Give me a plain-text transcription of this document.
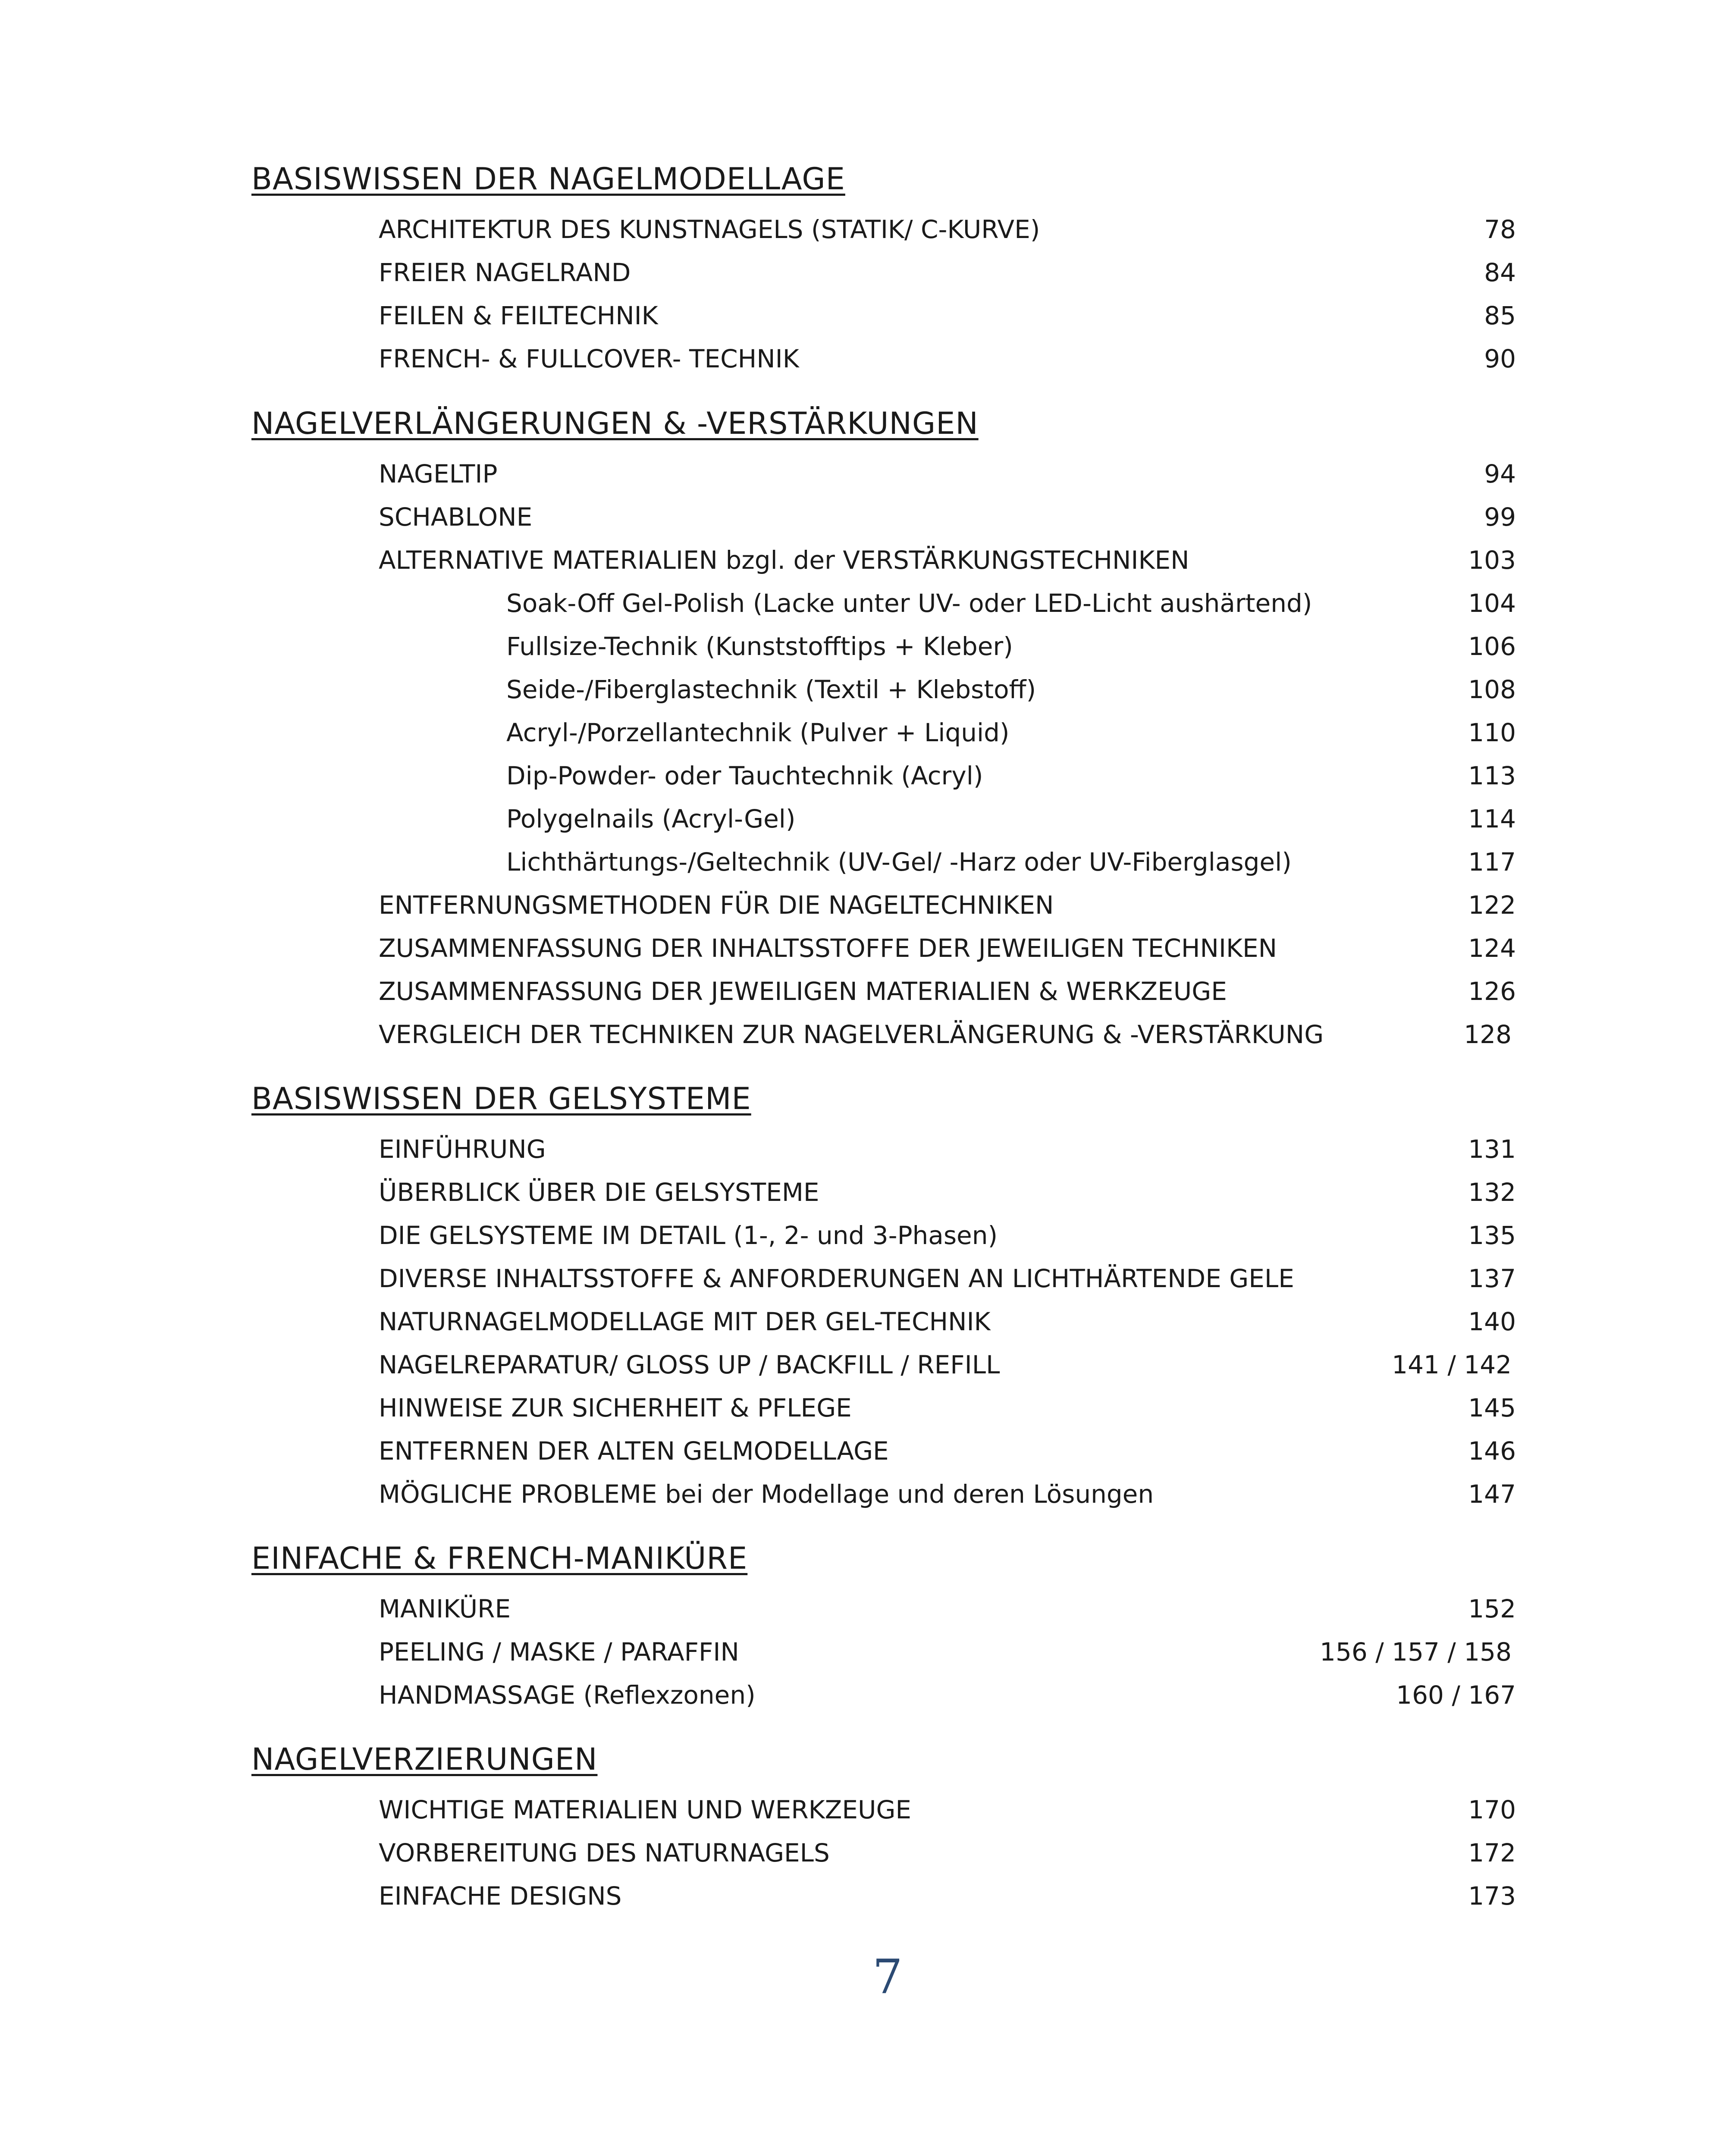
BASISWISSEN DER NAGELMODELLAGE
ARCHITEKTUR DES KUNSTNAGELS (STATIK/ C-KURVE)	78
FREIER NAGELRAND	84
FEILEN & FEILTECHNIK	85
FRENCH- & FULLCOVER- TECHNIK	90
NAGELVERLÄNGERUNGEN & -VERSTÄRKUNGEN
NAGELTIP	94
SCHABLONE	99
ALTERNATIVE MATERIALIEN bzgl. der VERSTÄRKUNGSTECHNIKEN	103
Soak-Off Gel-Polish (Lacke unter UV- oder LED-Licht aushärtend)	104
Fullsize-Technik (Kunststofftips + Kleber)	106
Seide-/Fiberglastechnik (Textil + Klebstoff)	108
Acryl-/Porzellantechnik (Pulver + Liquid)	110
Dip-Powder- oder Tauchtechnik (Acryl)	113
Polygelnails (Acryl-Gel)	114
Lichthärtungs-/Geltechnik (UV-Gel/ -Harz oder UV-Fiberglasgel)	117
ENTFERNUNGSMETHODEN FÜR DIE NAGELTECHNIKEN	122
ZUSAMMENFASSUNG DER INHALTSSTOFFE DER JEWEILIGEN TECHNIKEN	124
ZUSAMMENFASSUNG DER JEWEILIGEN MATERIALIEN & WERKZEUGE	126
VERGLEICH DER TECHNIKEN ZUR NAGELVERLÄNGERUNG & -VERSTÄRKUNG	128
BASISWISSEN DER GELSYSTEME
EINFÜHRUNG	131
ÜBERBLICK ÜBER DIE GELSYSTEME	132
DIE GELSYSTEME IM DETAIL (1-, 2- und 3-Phasen)	135
DIVERSE INHALTSSTOFFE & ANFORDERUNGEN AN LICHTHÄRTENDE GELE	137
NATURNAGELMODELLAGE MIT DER GEL-TECHNIK	140
NAGELREPARATUR/ GLOSS UP / BACKFILL / REFILL	141 / 142
HINWEISE ZUR SICHERHEIT & PFLEGE	145
ENTFERNEN DER ALTEN GELMODELLAGE	146
MÖGLICHE PROBLEME bei der Modellage und deren Lösungen	147
EINFACHE & FRENCH-MANIKÜRE
MANIKÜRE	152
PEELING / MASKE / PARAFFIN	156 / 157 / 158
HANDMASSAGE (Reflexzonen)	160 / 167
NAGELVERZIERUNGEN
WICHTIGE MATERIALIEN UND WERKZEUGE	170
VORBEREITUNG DES NATURNAGELS	172
EINFACHE DESIGNS	173
7
